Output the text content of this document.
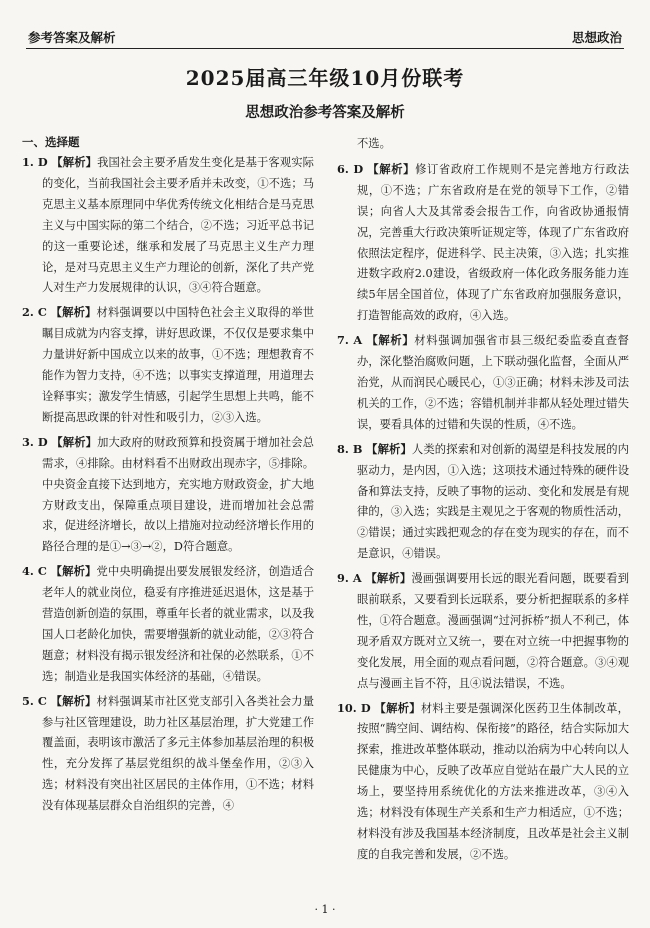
参考答案及解析	思想政治
2025届高三年级10月份联考
思想政治参考答案及解析
一、选择题

1. D 【解析】我国社会主要矛盾发生变化是基于客观实际的变化，当前我国社会主要矛盾并未改变，①不选；马克思主义基本原理同中华优秀传统文化相结合是马克思主义与中国实际的第二个结合，②不选；习近平总书记的这一重要论述，继承和发展了马克思主义生产力理论，是对马克思主义生产力理论的创新，深化了共产党人对生产力发展规律的认识，③④符合题意。

2. C 【解析】材料强调要以中国特色社会主义取得的举世瞩目成就为内容支撑，讲好思政课，不仅仅是要求集中力量讲好新中国成立以来的故事，①不选；理想教育不能作为智力支持，④不选；以事实支撑道理，用道理去诠释事实；激发学生情感，引起学生思想上共鸣，能不断提高思政课的针对性和吸引力，②③入选。

3. D 【解析】加大政府的财政预算和投资属于增加社会总需求，④排除。由材料看不出财政出现赤字，⑤排除。中央资金直接下达到地方，充实地方财政资金，扩大地方财政支出，保障重点项目建设，进而增加社会总需求，促进经济增长，故以上措施对拉动经济增长作用的路径合理的是①→③→②，D符合题意。

4. C 【解析】党中央明确提出要发展银发经济，创造适合老年人的就业岗位，稳妥有序推进延迟退休，这是基于营造创新创造的氛围，尊重年长者的就业需求，以及我国人口老龄化加快，需要增强新的就业动能，②③符合题意；材料没有揭示银发经济和社保的必然联系，①不选；制造业是我国实体经济的基础，④错误。

5. C 【解析】材料强调某市社区党支部引入各类社会力量参与社区管理建设，助力社区基层治理，扩大党建工作覆盖面，表明该市激活了多元主体参加基层治理的积极性，充分发挥了基层党组织的战斗堡垒作用，②③入选；材料没有突出社区居民的主体作用，①不选；材料没有体现基层群众自治组织的完善，④

不选。

6. D 【解析】修订省政府工作规则不是完善地方行政法规，①不选；广东省政府是在党的领导下工作，②错误；向省人大及其常委会报告工作，向省政协通报情况，完善重大行政决策听证规定等，体现了广东省政府依照法定程序，促进科学、民主决策，③入选；扎实推进数字政府2.0建设，省级政府一体化政务服务能力连续5年居全国首位，体现了广东省政府加强服务意识，打造智能高效的政府，④入选。

7. A 【解析】材料强调加强省市县三级纪委监委直查督办，深化整治腐败问题，上下联动强化监督，全面从严治党，从而润民心暖民心，①③正确；材料未涉及司法机关的工作，②不选；容错机制并非都从轻处理过错失误，要看具体的过错和失误的性质，④不选。

8. B 【解析】人类的探索和对创新的渴望是科技发展的内驱动力，是内因，①入选；这项技术通过特殊的硬件设备和算法支持，反映了事物的运动、变化和发展是有规律的，③入选；实践是主观见之于客观的物质性活动，②错误；通过实践把观念的存在变为现实的存在，而不是意识，④错误。

9. A 【解析】漫画强调要用长远的眼光看问题，既要看到眼前联系，又要看到长远联系，要分析把握联系的多样性，①符合题意。漫画强调“过河拆桥”损人不利己，体现矛盾双方既对立又统一，要在对立统一中把握事物的变化发展，用全面的观点看问题，②符合题意。③④观点与漫画主旨不符，且④说法错误，不选。

10. D 【解析】材料主要是强调深化医药卫生体制改革，按照“腾空间、调结构、保衔接”的路径，结合实际加大探索，推进改革整体联动，推动以治病为中心转向以人民健康为中心，反映了改革应自觉站在最广大人民的立场上，要坚持用系统优化的方法来推进改革，③④入选；材料没有体现生产关系和生产力相适应，①不选；材料没有涉及我国基本经济制度，且改革是社会主义制度的自我完善和发展，②不选。

· 1 ·
